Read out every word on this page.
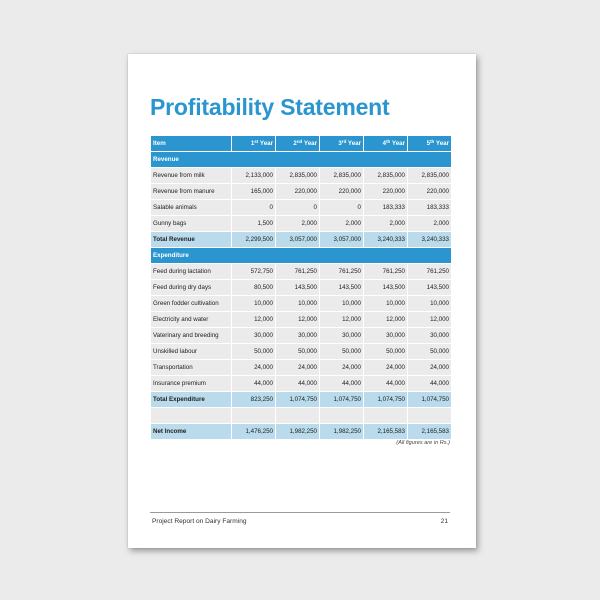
Profitability Statement
Item	1st Year	2nd Year	3rd Year	4th Year	5th Year
Revenue					
Revenue from milk	2,133,000	2,835,000	2,835,000	2,835,000	2,835,000
Revenue from manure	165,000	220,000	220,000	220,000	220,000
Salable animals	0	0	0	183,333	183,333
Gunny bags	1,500	2,000	2,000	2,000	2,000
Total Revenue	2,299,500	3,057,000	3,057,000	3,240,333	3,240,333
Expenditure					
Feed during lactation	572,750	761,250	761,250	761,250	761,250
Feed during dry days	80,500	143,500	143,500	143,500	143,500
Green fodder cultivation	10,000	10,000	10,000	10,000	10,000
Electricity and water	12,000	12,000	12,000	12,000	12,000
Vaterinary and breeding	30,000	30,000	30,000	30,000	30,000
Unskilled labour	50,000	50,000	50,000	50,000	50,000
Transportation	24,000	24,000	24,000	24,000	24,000
Insurance premium	44,000	44,000	44,000	44,000	44,000
Total Expenditure	823,250	1,074,750	1,074,750	1,074,750	1,074,750

Net Income	1,476,250	1,982,250	1,982,250	2,165,583	2,165,583
(All figures are in Rs.)
Project Report on Dairy Farming	21
